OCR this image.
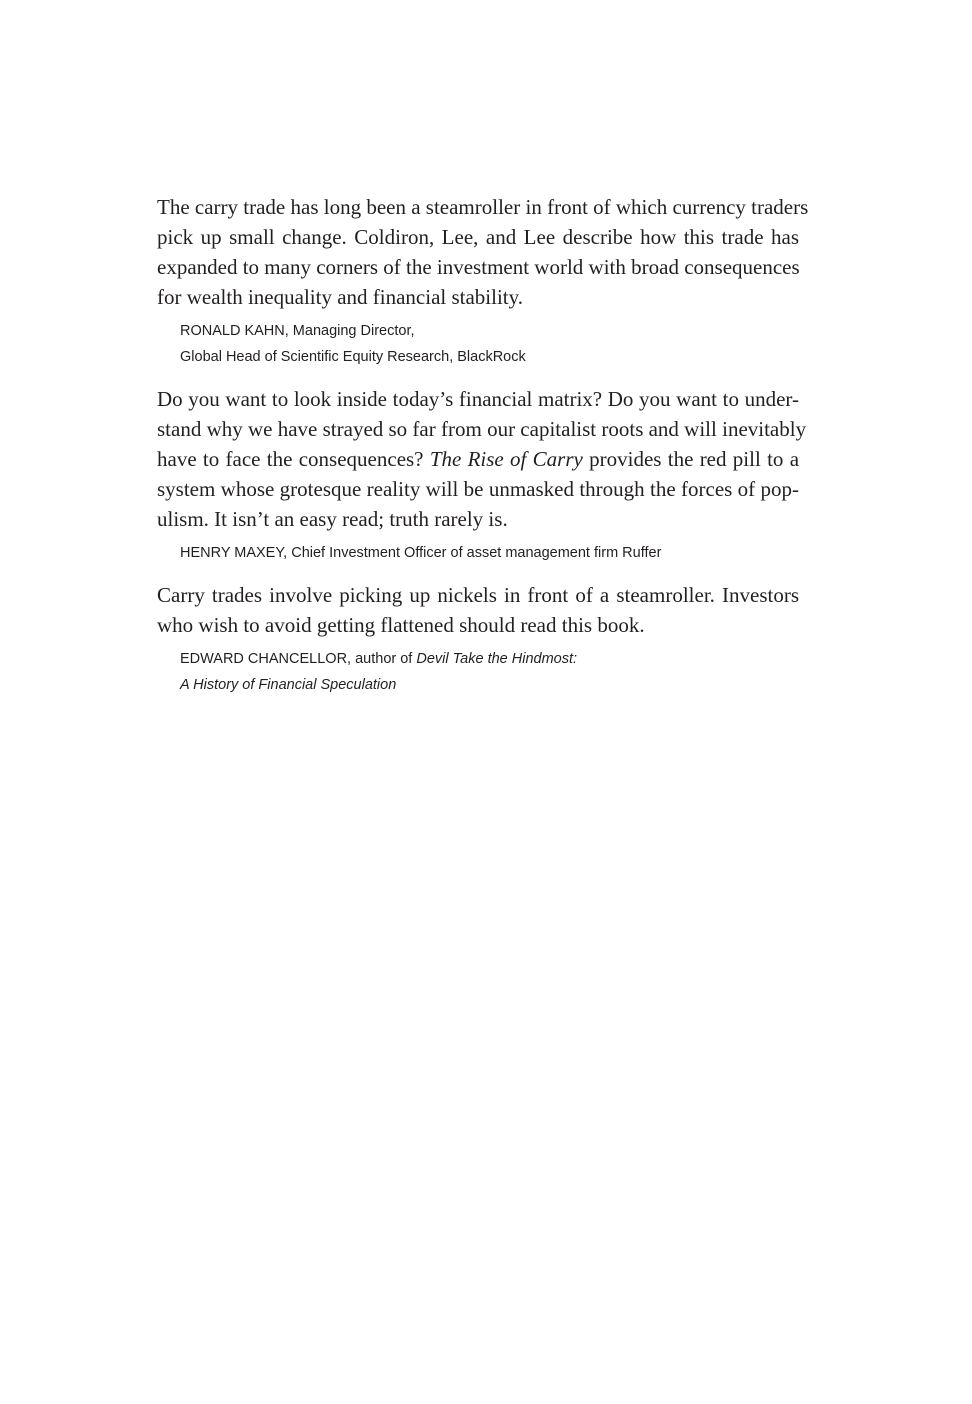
The carry trade has long been a steamroller in front of which currency traders
pick up small change. Coldiron, Lee, and Lee describe how this trade has
expanded to many corners of the investment world with broad consequences
for wealth inequality and financial stability.

RONALD KAHN, Managing Director,
Global Head of Scientific Equity Research, BlackRock

Do you want to look inside today’s financial matrix? Do you want to under-
stand why we have strayed so far from our capitalist roots and will inevitably
have to face the consequences? The Rise of Carry provides the red pill to a
system whose grotesque reality will be unmasked through the forces of pop-
ulism. It isn’t an easy read; truth rarely is.

HENRY MAXEY, Chief Investment Officer of asset management firm Ruffer

Carry trades involve picking up nickels in front of a steamroller. Investors
who wish to avoid getting flattened should read this book.

EDWARD CHANCELLOR, author of Devil Take the Hindmost:
A History of Financial Speculation
